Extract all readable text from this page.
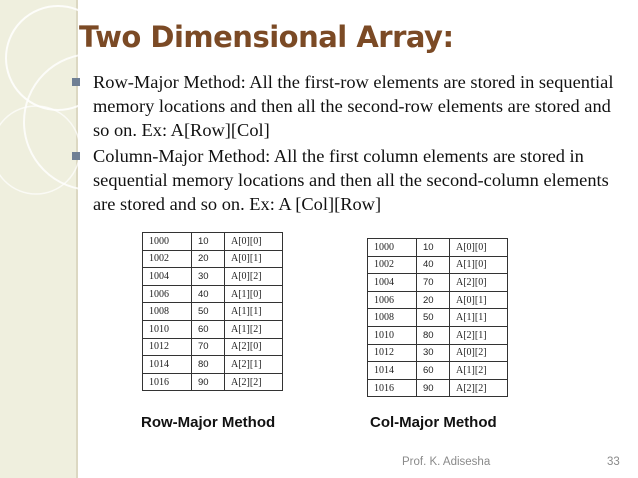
Two Dimensional Array:
Row-Major Method: All the first-row elements are stored in sequential memory locations and then all the second-row elements are stored and so on. Ex: A[Row][Col]
Column-Major Method: All the first column elements are stored in sequential memory locations and then all the second-column elements are stored and so on. Ex: A [Col][Row]
1000	10	A[0][0]
1002	20	A[0][1]
1004	30	A[0][2]
1006	40	A[1][0]
1008	50	A[1][1]
1010	60	A[1][2]
1012	70	A[2][0]
1014	80	A[2][1]
1016	90	A[2][2]
1000	10	A[0][0]
1002	40	A[1][0]
1004	70	A[2][0]
1006	20	A[0][1]
1008	50	A[1][1]
1010	80	A[2][1]
1012	30	A[0][2]
1014	60	A[1][2]
1016	90	A[2][2]
Row-Major Method	Col-Major Method
Prof. K. Adisesha	33
